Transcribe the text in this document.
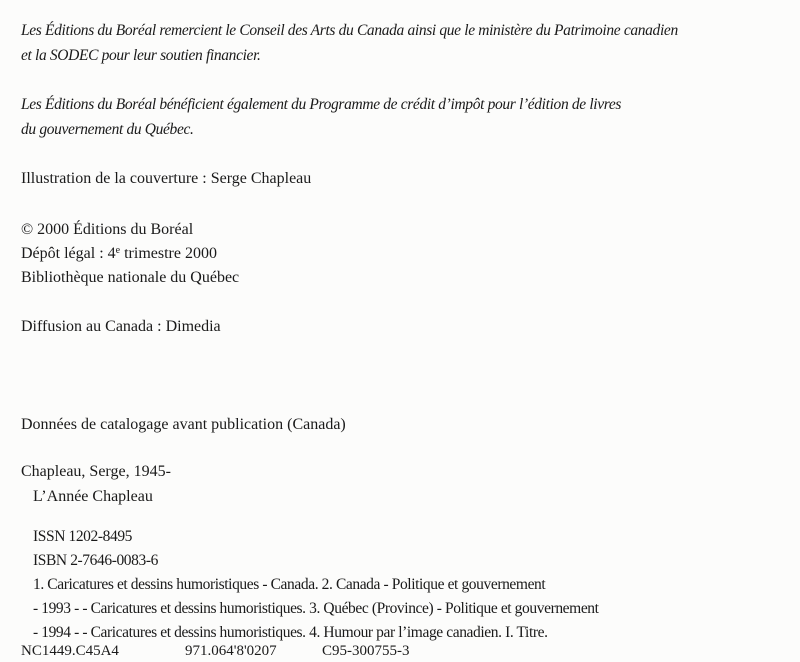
Les Éditions du Boréal remercient le Conseil des Arts du Canada ainsi que le ministère du Patrimoine canadien
et la SODEC pour leur soutien financier.
Les Éditions du Boréal bénéficient également du Programme de crédit d’impôt pour l’édition de livres
du gouvernement du Québec.
Illustration de la couverture : Serge Chapleau
© 2000 Éditions du Boréal
Dépôt légal : 4e trimestre 2000
Bibliothèque nationale du Québec
Diffusion au Canada : Dimedia
Données de catalogage avant publication (Canada)
Chapleau, Serge, 1945-
L’Année Chapleau
ISSN 1202-8495
ISBN 2-7646-0083-6
1. Caricatures et dessins humoristiques - Canada. 2. Canada - Politique et gouvernement
- 1993 - - Caricatures et dessins humoristiques. 3. Québec (Province) - Politique et gouvernement
- 1994 - - Caricatures et dessins humoristiques. 4. Humour par l’image canadien. I. Titre.
NC1449.C45A4	971.064'8'0207	C95-300755-3
